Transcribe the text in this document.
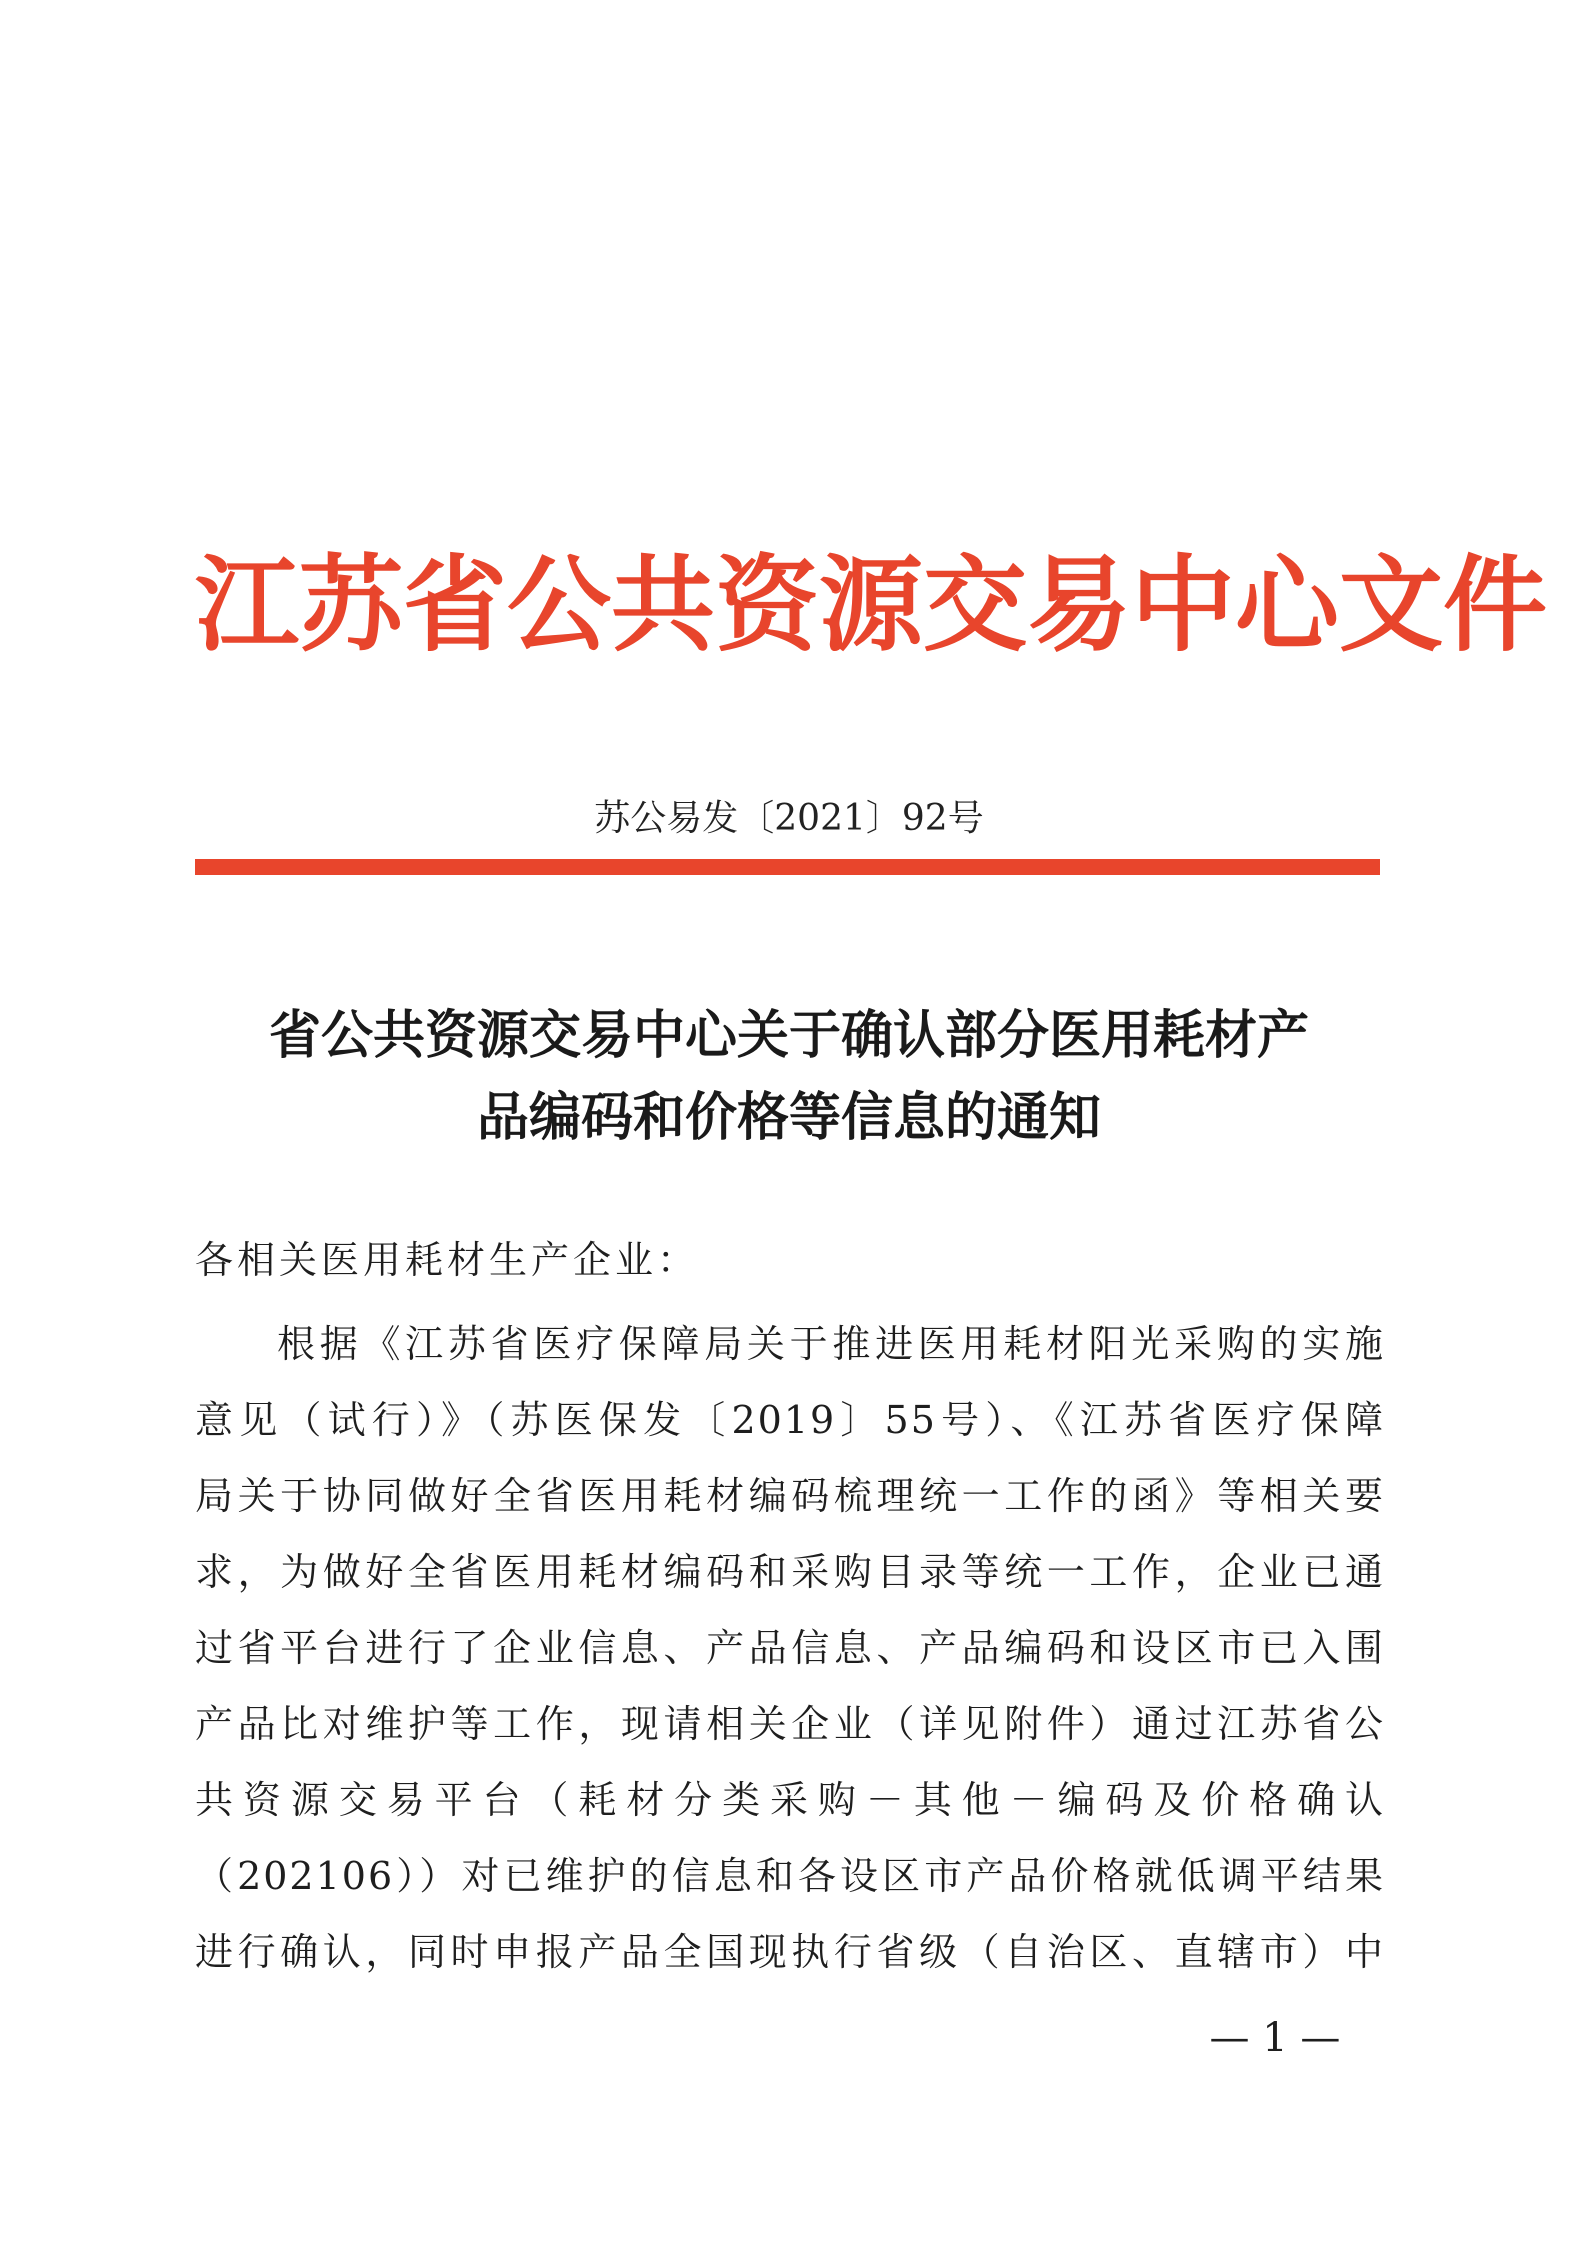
江苏省公共资源交易中心文件
苏公易发〔2021〕92号
省公共资源交易中心关于确认部分医用耗材产
品编码和价格等信息的通知
各相关医用耗材生产企业：
根据《江苏省医疗保障局关于推进医用耗材阳光采购的实施
意见（试行）》（苏医保发〔2019〕55号）、《江苏省医疗保障
局关于协同做好全省医用耗材编码梳理统一工作的函》等相关要
求，为做好全省医用耗材编码和采购目录等统一工作，企业已通
过省平台进行了企业信息、产品信息、产品编码和设区市已入围
产品比对维护等工作，现请相关企业（详见附件）通过江苏省公
共资源交易平台（耗材分类采购－其他－编码及价格确认
（202106））对已维护的信息和各设区市产品价格就低调平结果
进行确认，同时申报产品全国现执行省级（自治区、直辖市）中
— 1 —
